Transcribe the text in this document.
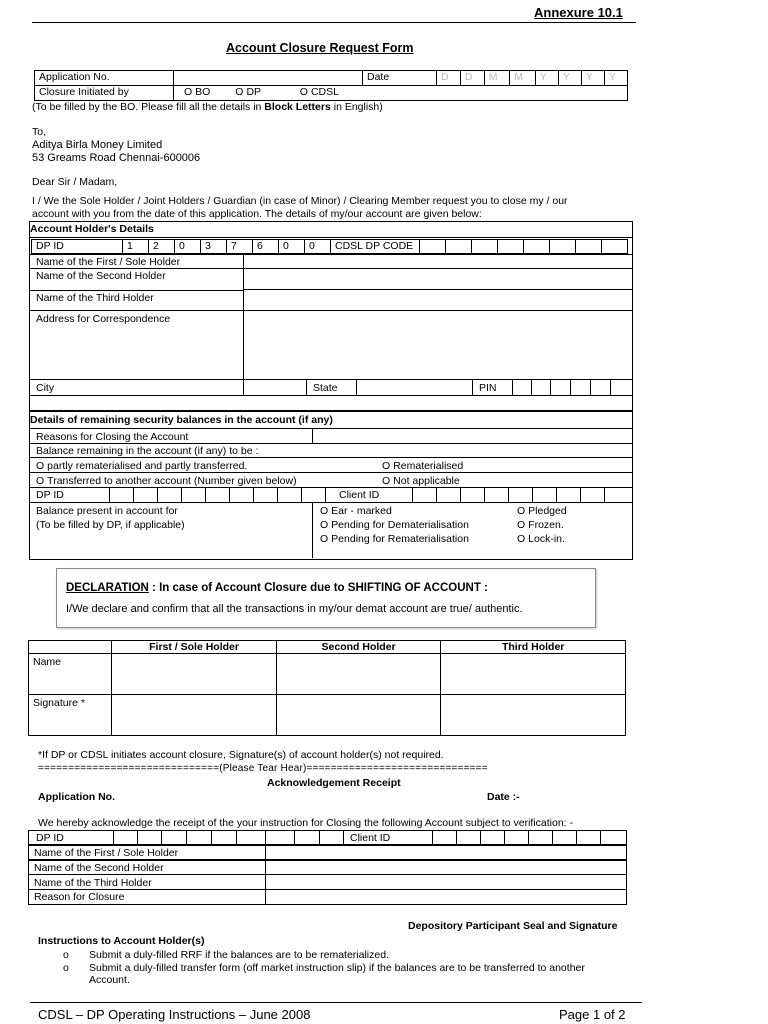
Annexure 10.1
Account Closure Request Form
Application No.		Date	D	D	M	M	Y	Y	Y	Y
Closure Initiated by	O BO O DP O CDSL
(To be filled by the BO. Please fill all the details in Block Letters in English)
To,
Aditya Birla Money Limited
53 Greams Road Chennai-600006
Dear Sir / Madam,
I / We the Sole Holder / Joint Holders / Guardian (in case of Minor) / Clearing Member request you to close my / our
account with you from the date of this application. The details of my/our account are given below:
Account Holder's Details
DP ID	1	2	0	3	7	6	0	0	CDSL DP CODE								
Name of the First / Sole Holder
Name of the Second Holder
Name of the Third Holder
Address for Correspondence
City	State	PIN
Details of remaining security balances in the account (if any)
Reasons for Closing the Account
Balance remaining in the account (if any) to be :
O partly rematerialised and partly transferred.	O Rematerialised
O Transferred to another account (Number given below)	O Not applicable
DP ID	Client ID
Balance present in account for
(To be filled by DP, if applicable)
O Ear - marked
O Pending for Dematerialisation
O Pending for Rematerialisation
O Pledged
O Frozen.
O Lock-in.
DECLARATION : In case of Account Closure due to SHIFTING OF ACCOUNT :
I/We declare and confirm that all the transactions in my/our demat account are true/ authentic.
	First / Sole Holder	Second Holder	Third Holder
Name			
Signature *			
*If DP or CDSL initiates account closure, Signature(s) of account holder(s) not required.
==============================(Please Tear Hear)==============================
Acknowledgement Receipt
Application No.	Date :-
We hereby acknowledge the receipt of the your instruction for Closing the following Account subject to verification: -
DP ID	Client ID
Name of the First / Sole Holder
Name of the Second Holder
Name of the Third Holder
Reason for Closure
Depository Participant Seal and Signature
Instructions to Account Holder(s)
o Submit a duly-filled RRF if the balances are to be rematerialized.
o Submit a duly-filled transfer form (off market instruction slip) if the balances are to be transferred to another
Account.
CDSL – DP Operating Instructions – June 2008	Page 1 of 2
